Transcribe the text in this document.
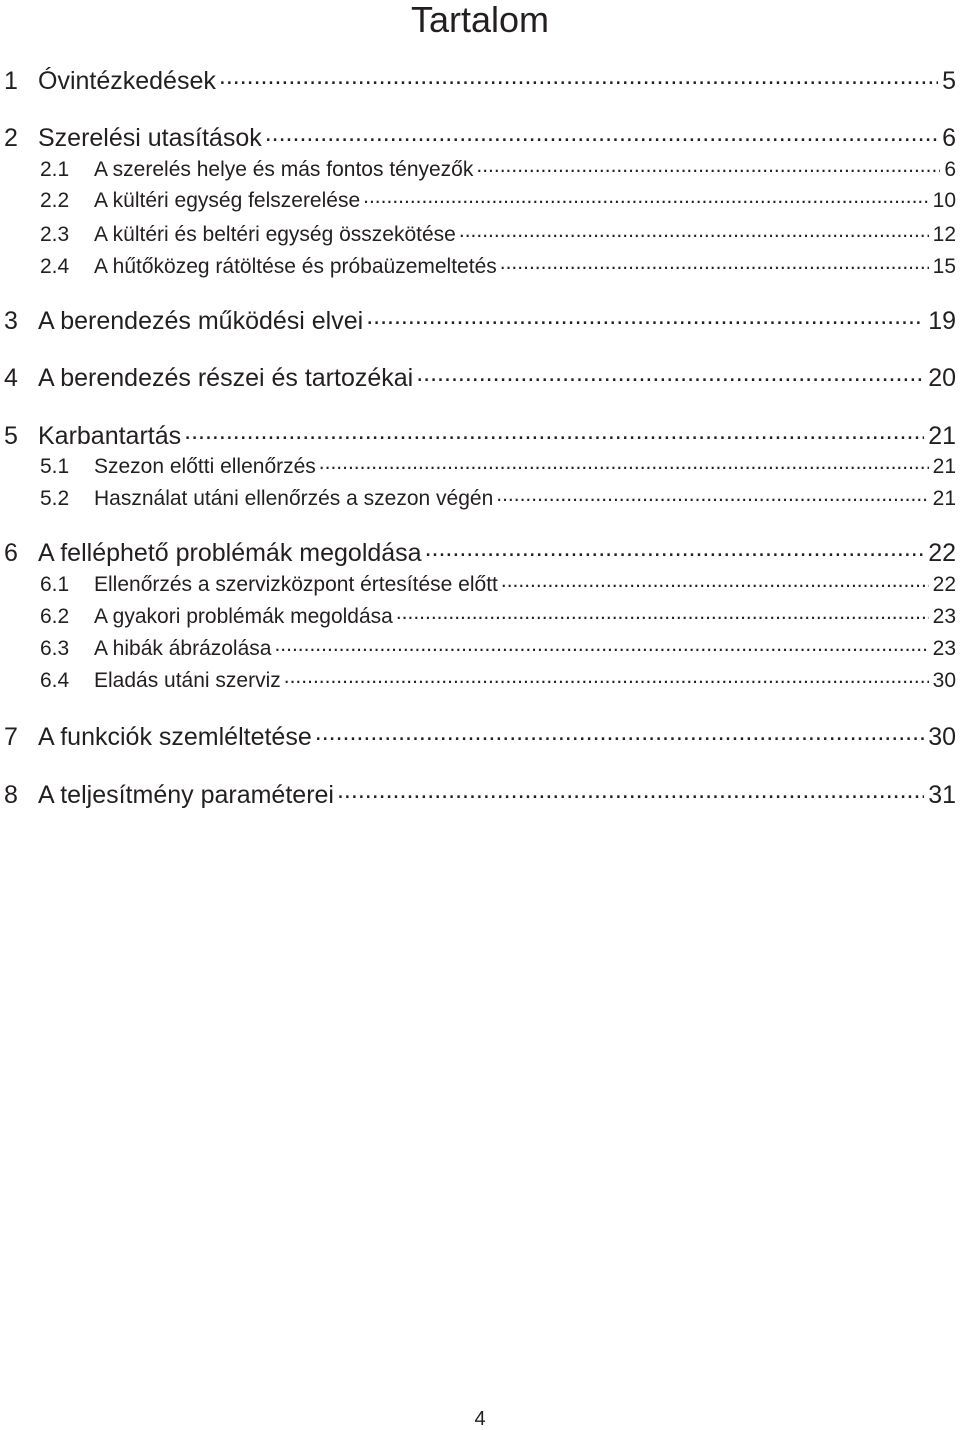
Tartalom
1 Óvintézkedések .....	5
2 Szerelési utasítások .....	6
2.1	A szerelés helye és más fontos tényezők .....	6
2.2	A kültéri egység felszerelése .....	10
2.3	A kültéri és beltéri egység összekötése .....	12
2.4	A hűtőközeg rátöltése és próbaüzemeltetés .....	15
3 A berendezés működési elvei .....	19
4 A berendezés részei és tartozékai .....	20
5 Karbantartás .....	21
5.1	Szezon előtti ellenőrzés .....	21
5.2	Használat utáni ellenőrzés a szezon végén .....	21
6 A felléphető problémák megoldása .....	22
6.1	Ellenőrzés a szervizközpont értesítése előtt .....	22
6.2	A gyakori problémák megoldása .....	23
6.3	A hibák ábrázolása .....	23
6.4	Eladás utáni szerviz .....	30
7 A funkciók szemléltetése .....	30
8 A teljesítmény paraméterei .....	31
4
